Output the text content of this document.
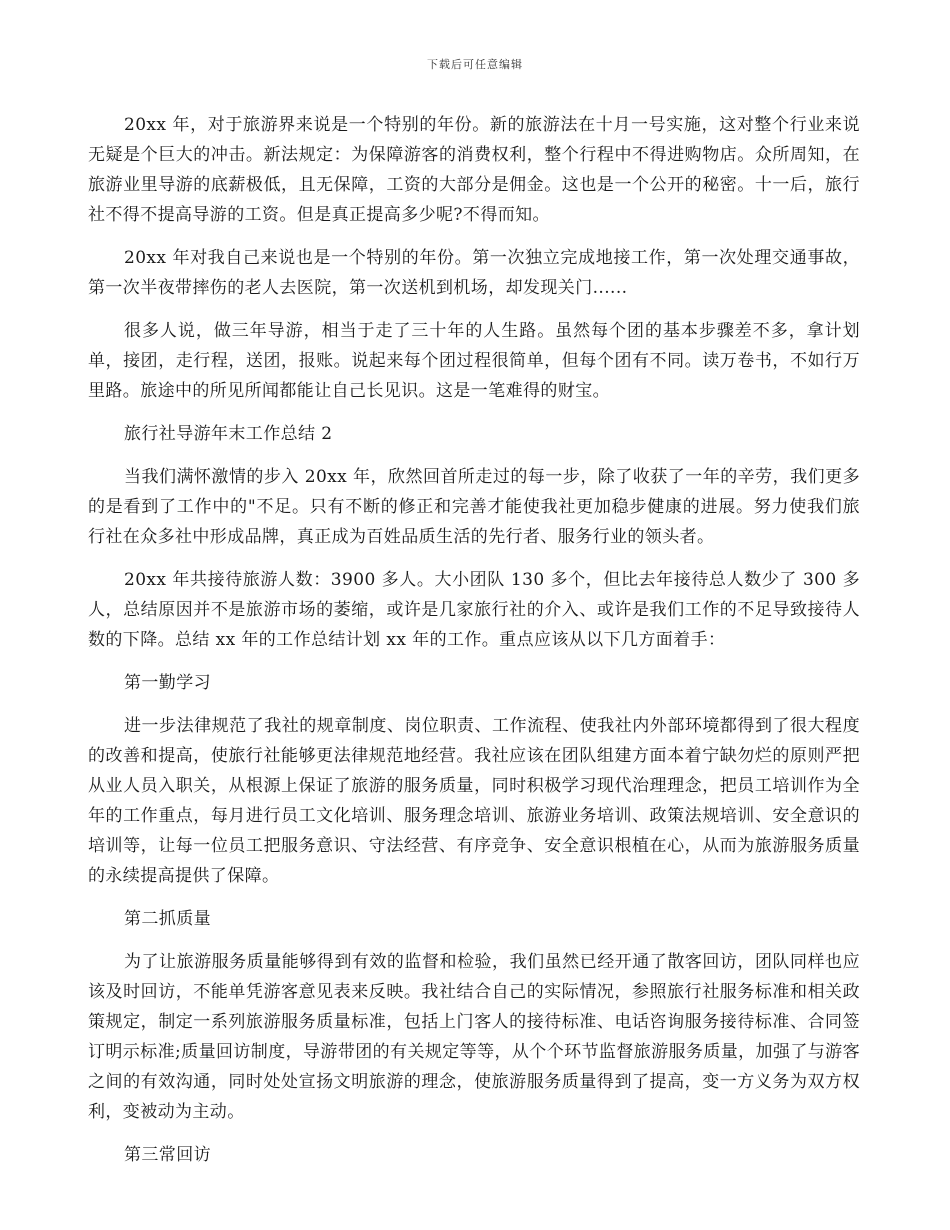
下载后可任意编辑

20xx 年，对于旅游界来说是一个特别的年份。新的旅游法在十月一号实施，这对整个行业来说无疑是个巨大的冲击。新法规定：为保障游客的消费权利，整个行程中不得进购物店。众所周知，在旅游业里导游的底薪极低，且无保障，工资的大部分是佣金。这也是一个公开的秘密。十一后，旅行社不得不提高导游的工资。但是真正提高多少呢?不得而知。

20xx 年对我自己来说也是一个特别的年份。第一次独立完成地接工作，第一次处理交通事故，第一次半夜带摔伤的老人去医院，第一次送机到机场，却发现关门......

很多人说，做三年导游，相当于走了三十年的人生路。虽然每个团的基本步骤差不多，拿计划单，接团，走行程，送团，报账。说起来每个团过程很简单，但每个团有不同。读万卷书，不如行万里路。旅途中的所见所闻都能让自己长见识。这是一笔难得的财宝。

旅行社导游年末工作总结 2

当我们满怀激情的步入 20xx 年，欣然回首所走过的每一步，除了收获了一年的辛劳，我们更多的是看到了工作中的"不足。只有不断的修正和完善才能使我社更加稳步健康的进展。努力使我们旅行社在众多社中形成品牌，真正成为百姓品质生活的先行者、服务行业的领头者。

20xx 年共接待旅游人数：3900 多人。大小团队 130 多个，但比去年接待总人数少了 300 多人，总结原因并不是旅游市场的萎缩，或许是几家旅行社的介入、或许是我们工作的不足导致接待人数的下降。总结 xx 年的工作总结计划 xx 年的工作。重点应该从以下几方面着手：

第一勤学习

进一步法律规范了我社的规章制度、岗位职责、工作流程、使我社内外部环境都得到了很大程度的改善和提高，使旅行社能够更法律规范地经营。我社应该在团队组建方面本着宁缺勿烂的原则严把从业人员入职关，从根源上保证了旅游的服务质量，同时积极学习现代治理理念，把员工培训作为全年的工作重点，每月进行员工文化培训、服务理念培训、旅游业务培训、政策法规培训、安全意识的培训等，让每一位员工把服务意识、守法经营、有序竞争、安全意识根植在心，从而为旅游服务质量的永续提高提供了保障。

第二抓质量

为了让旅游服务质量能够得到有效的监督和检验，我们虽然已经开通了散客回访，团队同样也应该及时回访，不能单凭游客意见表来反映。我社结合自己的实际情况，参照旅行社服务标准和相关政策规定，制定一系列旅游服务质量标准，包括上门客人的接待标准、电话咨询服务接待标准、合同签订明示标准;质量回访制度，导游带团的有关规定等等，从个个环节监督旅游服务质量，加强了与游客之间的有效沟通，同时处处宣扬文明旅游的理念，使旅游服务质量得到了提高，变一方义务为双方权利，变被动为主动。

第三常回访
